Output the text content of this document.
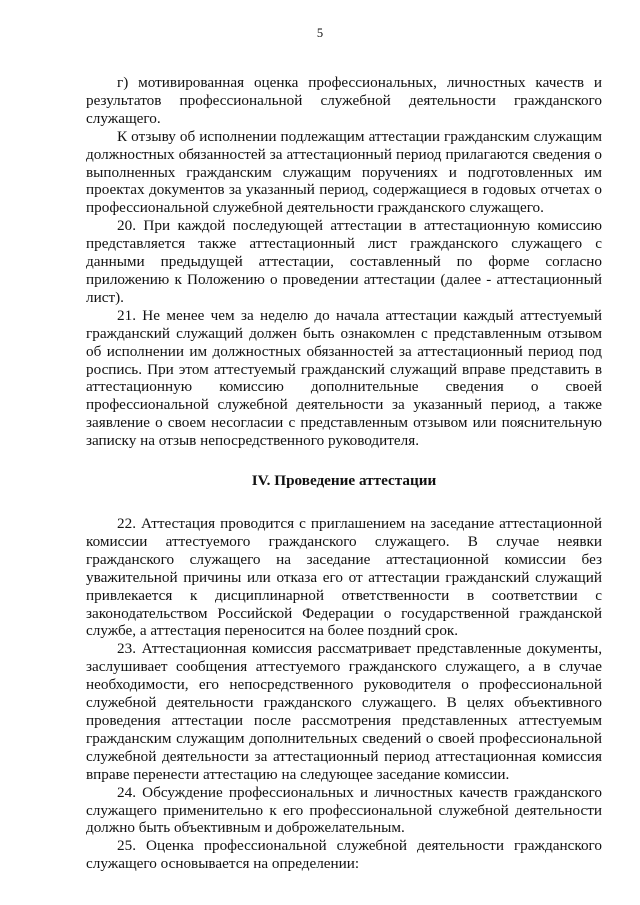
5

г) мотивированная оценка профессиональных, личностных качеств и результатов профессиональной служебной деятельности гражданского служащего.

К отзыву об исполнении подлежащим аттестации гражданским служащим должностных обязанностей за аттестационный период прилагаются сведения о выполненных гражданским служащим поручениях и подготовленных им проектах документов за указанный период, содержащиеся в годовых отчетах о профессиональной служебной деятельности гражданского служащего.

20. При каждой последующей аттестации в аттестационную комиссию представляется также аттестационный лист гражданского служащего с данными предыдущей аттестации, составленный по форме согласно приложению к Положению о проведении аттестации (далее - аттестационный лист).

21. Не менее чем за неделю до начала аттестации каждый аттестуемый гражданский служащий должен быть ознакомлен с представленным отзывом об исполнении им должностных обязанностей за аттестационный период под роспись. При этом аттестуемый гражданский служащий вправе представить в аттестационную комиссию дополнительные сведения о своей профессиональной служебной деятельности за указанный период, а также заявление о своем несогласии с представленным отзывом или пояснительную записку на отзыв непосредственного руководителя.

IV. Проведение аттестации

22. Аттестация проводится с приглашением на заседание аттестационной комиссии аттестуемого гражданского служащего. В случае неявки гражданского служащего на заседание аттестационной комиссии без уважительной причины или отказа его от аттестации гражданский служащий привлекается к дисциплинарной ответственности в соответствии с законодательством Российской Федерации о государственной гражданской службе, а аттестация переносится на более поздний срок.

23. Аттестационная комиссия рассматривает представленные документы, заслушивает сообщения аттестуемого гражданского служащего, а в случае необходимости, его непосредственного руководителя о профессиональной служебной деятельности гражданского служащего. В целях объективного проведения аттестации после рассмотрения представленных аттестуемым гражданским служащим дополнительных сведений о своей профессиональной служебной деятельности за аттестационный период аттестационная комиссия вправе перенести аттестацию на следующее заседание комиссии.

24. Обсуждение профессиональных и личностных качеств гражданского служащего применительно к его профессиональной служебной деятельности должно быть объективным и доброжелательным.

25. Оценка профессиональной служебной деятельности гражданского служащего основывается на определении:
